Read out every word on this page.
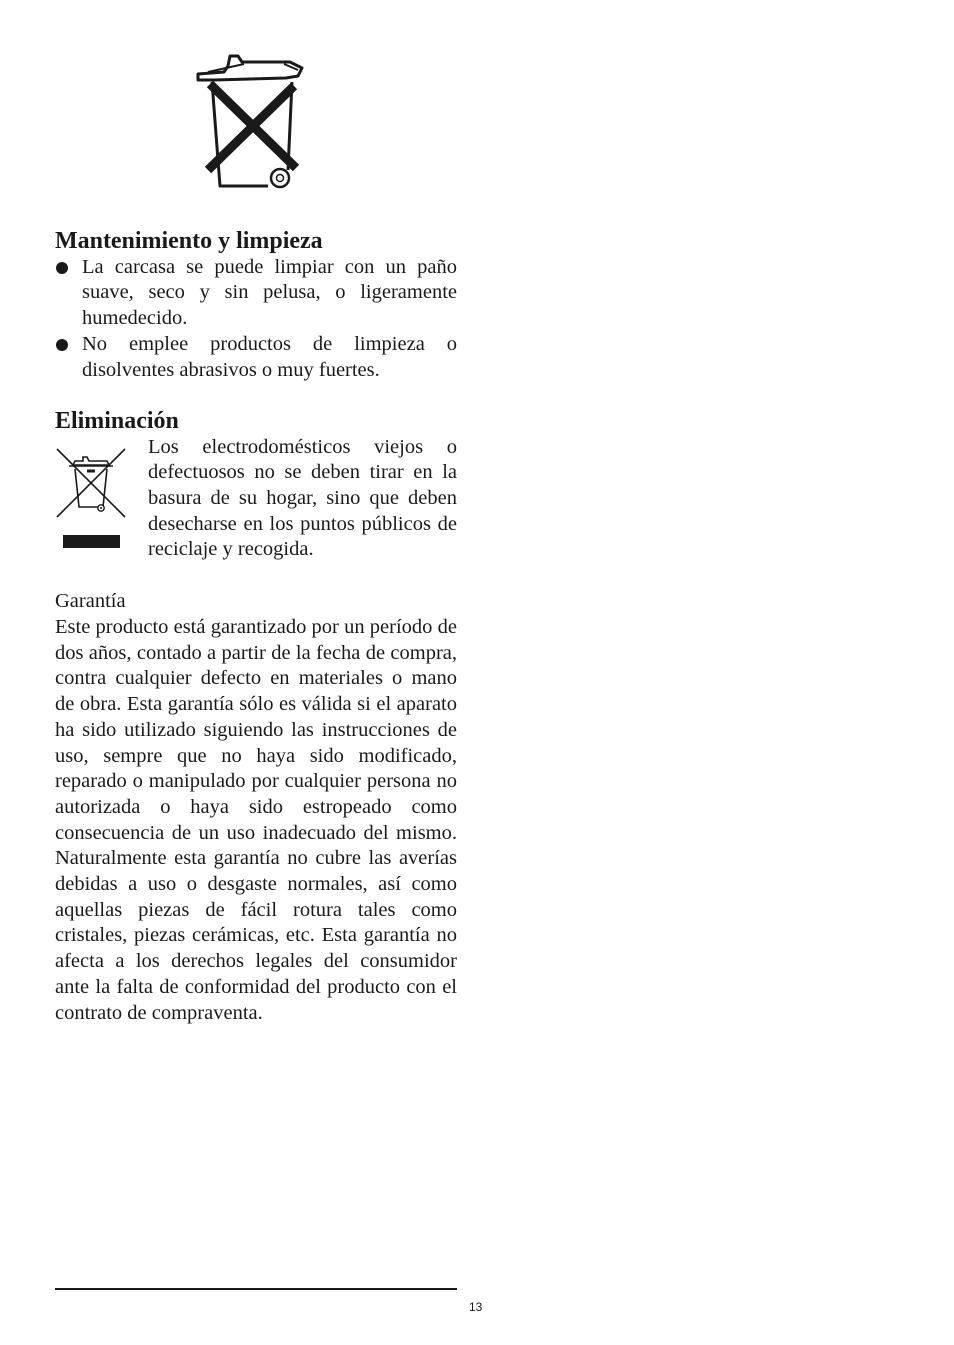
Mantenimiento y limpieza
La carcasa se puede limpiar con un paño suave, seco y sin pelusa, o ligeramente humedecido.
No emplee productos de limpieza o disolventes abrasivos o muy fuertes.
Eliminación
Los electrodomésticos viejos o defectuosos no se deben tirar en la basura de su hogar, sino que deben desecharse en los puntos públicos de reciclaje y recogida.

Garantía

Este producto está garantizado por un período de dos años, contado a partir de la fecha de compra, contra cualquier defecto en materiales o mano de obra. Esta garantía sólo es válida si el aparato ha sido utilizado siguiendo las instrucciones de uso, sempre que no haya sido modificado, reparado o manipulado por cualquier persona no autorizada o haya sido estropeado como consecuencia de un uso inadecuado del mismo. Naturalmente esta garantía no cubre las averías debidas a uso o desgaste normales, así como aquellas piezas de fácil rotura tales como cristales, piezas cerámicas, etc. Esta garantía no afecta a los derechos legales del consumidor ante la falta de conformidad del producto con el contrato de compraventa.

13
